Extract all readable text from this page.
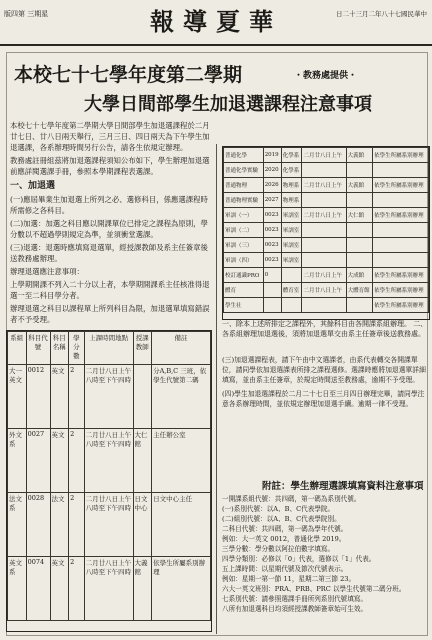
版四第 三期星	報導夏華	日二十三月二年八十七國民華中
本校七十七學年度第二學期	・教務處提供・
大學日間部學生加退選課程注意事項

本校七十七學年度第二學期大學日間部學生加退選課程於二月廿七日、廿八日兩天舉行，三月三日、四日兩天為下午學生加退選課，各系辦理時間另行公告，請各生依規定辦理。

教務處註冊組茲將加退選課程須知公布如下，學生辦理加退選前應詳閱選課手冊，參照本學期課程表選課。

一、加退選

(一)應屆畢業生加退選上所列之必、選修科目，係應選課程時所需修之各科目。

(二)加選：加選之科目應以開課單位已排定之課程為原則，學分數以不超過學則規定為準，並須衝堂選課。

(三)退選：退選時應填寫退選單，經授課教師及系主任簽章後送教務處辦理。

辦理退選應注意事項：

上學期開課不列入二十分以上者，本學期開課系主任核准得退選一至二科目學分者。

辦理退選之科目以課程單上所列科目為限，加退選單填寫錯誤者不予受理。

系組	科目代號	科目名稱	學分數	上課時間地點	授課教師	備註
大一英文	0012	英文	2	二月廿八日上午八時至下午四時		分A,B,C 三班，依學生代號第二碼
外文系	0027	英文	2	二月廿八日上午八時至下午四時	大仁館	主任辦公室
法文系	0028	法文	2	二月廿八日上午八時至下午四時	日文中心	日文中心主任
英文系	0074	英文	2	二月廿八日上午八時至下午四時	大義館	依學生所屬系別辦理
普通化學	2019	化學系	二月廿八日上午	大義館	依學生所屬系別辦理
普通化學實驗	2020	化學系			
普通物理	2026	物理系	二月廿八日上午	大義館	依學生所屬系別辦理
普通物理實驗	2027	物理系			
軍訓（一）	0023	軍訓室	二月廿八日上午	大仁館	依學生所屬系別辦理
軍訓（二）	0023	軍訓室			
軍訓（三）	0023	軍訓室			
軍訓（四）	0023	軍訓室			
校訂通識PRO	0		二月廿八日上午	大成館	依學生所屬系別辦理
體育		體育室	二月廿八日上午	大體育館	依學生所屬系別辦理
學生社					依學生所屬系別辦理
一、除本上述所排定之課程外，其餘科目由各開課系組辦理。 二、各系組辦理加退選後，須將加退選單交由系主任簽章後送教務處。

(三)加退選課程表，請下午由中文選課者，由系代表轉交各開課單位，請同學依加退選課表所排之課程選修。選課時應將加退選單詳細填寫，並由系主任簽章，於規定時間送至教務處，逾期不予受理。

(四)學生加退選課程於二月二十七日至三月四日辦理完畢，請同學注意各系辦理時間，並依規定辦理加退選手續。逾期一律不受理。

附註：學生辦理選課填寫資料注意事項
一開課系組代號：共四碼，第一碼為系別代號。
(一)系別代號：以A、B、C代表學院。
(二)組別代號：以A、B、C代表學院別。
二科目代號：共四碼，第一碼為學年代號。
例如：大一英文 0012，普通化學 2019。
三學分數：學分數以阿拉伯數字填寫。
四學分類別：必修以「0」代表，選修以「1」代表。
五上課時間：以星期代號及節次代號表示。
例如：星期一第一節 11，星期二第三節 23。
六大一英文班別：PRA、PRB、PRC 以學生代號第二碼分班。
七系別代號：請參照選課手冊所列系別代號填寫。
八所有加退選科目均須經授課教師簽章始可生效。
